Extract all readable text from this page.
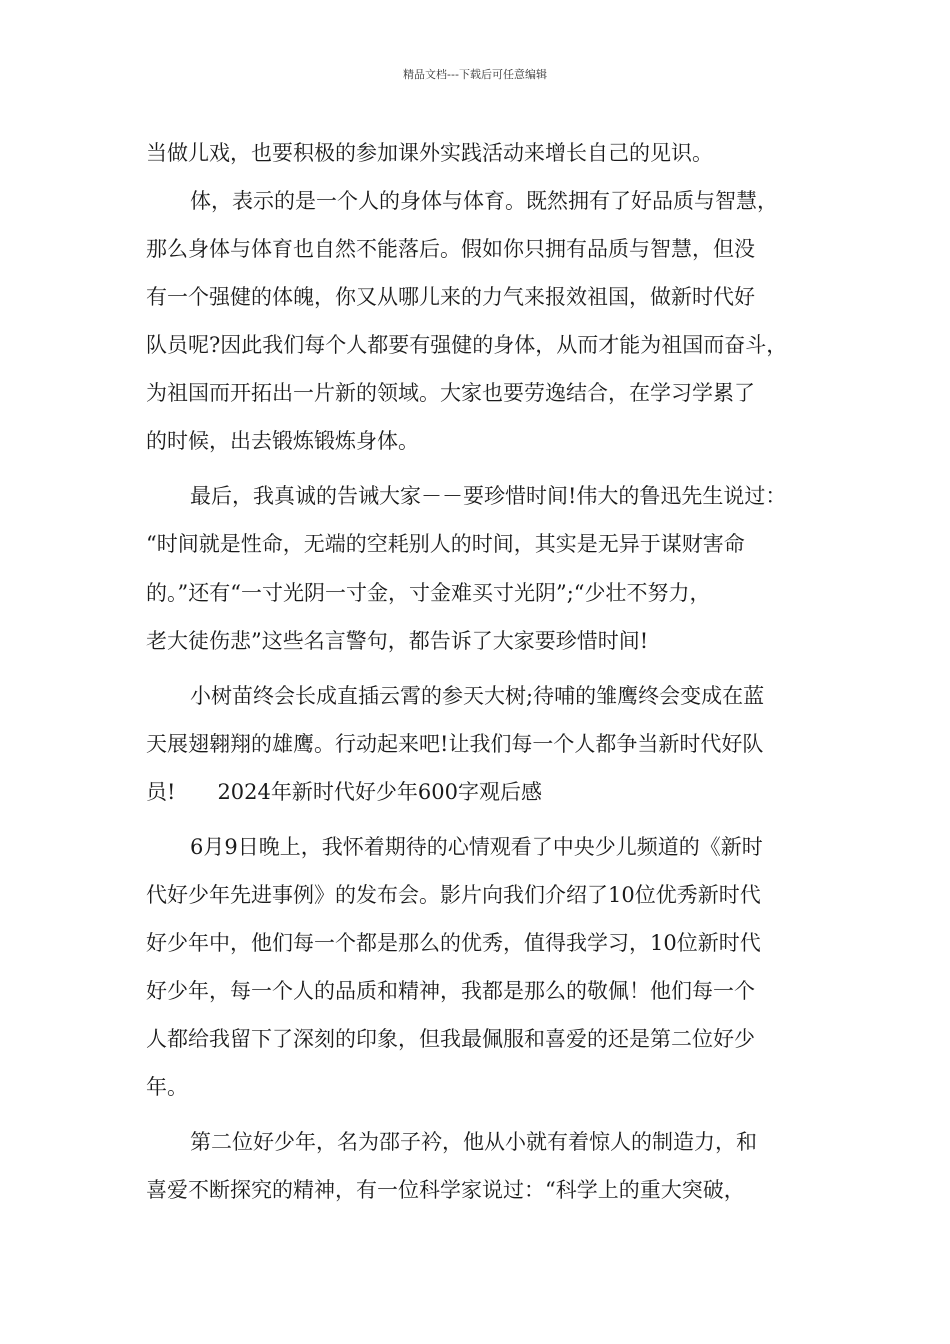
精品文档---下载后可任意编辑
当做儿戏，也要积极的参加课外实践活动来增长自己的见识。
体，表示的是一个人的身体与体育。既然拥有了好品质与智慧，
那么身体与体育也自然不能落后。假如你只拥有品质与智慧，但没
有一个强健的体魄，你又从哪儿来的力气来报效祖国，做新时代好
队员呢?因此我们每个人都要有强健的身体，从而才能为祖国而奋斗，
为祖国而开拓出一片新的领域。大家也要劳逸结合，在学习学累了
的时候，出去锻炼锻炼身体。
最后，我真诚的告诫大家－－要珍惜时间!伟大的鲁迅先生说过：
“时间就是性命，无端的空耗别人的时间，其实是无异于谋财害命
的。”还有“一寸光阴一寸金，寸金难买寸光阴”;“少壮不努力，
老大徒伤悲”这些名言警句，都告诉了大家要珍惜时间!
小树苗终会长成直插云霄的参天大树;待哺的雏鹰终会变成在蓝
天展翅翱翔的雄鹰。行动起来吧!让我们每一个人都争当新时代好队
员!　　2024年新时代好少年600字观后感
6月9日晚上，我怀着期待的心情观看了中央少儿频道的《新时
代好少年先进事例》的发布会。影片向我们介绍了10位优秀新时代
好少年中，他们每一个都是那么的优秀，值得我学习，10位新时代
好少年，每一个人的品质和精神，我都是那么的敬佩！他们每一个
人都给我留下了深刻的印象，但我最佩服和喜爱的还是第二位好少
年。
第二位好少年，名为邵子衿，他从小就有着惊人的制造力，和
喜爱不断探究的精神，有一位科学家说过：“科学上的重大突破，
